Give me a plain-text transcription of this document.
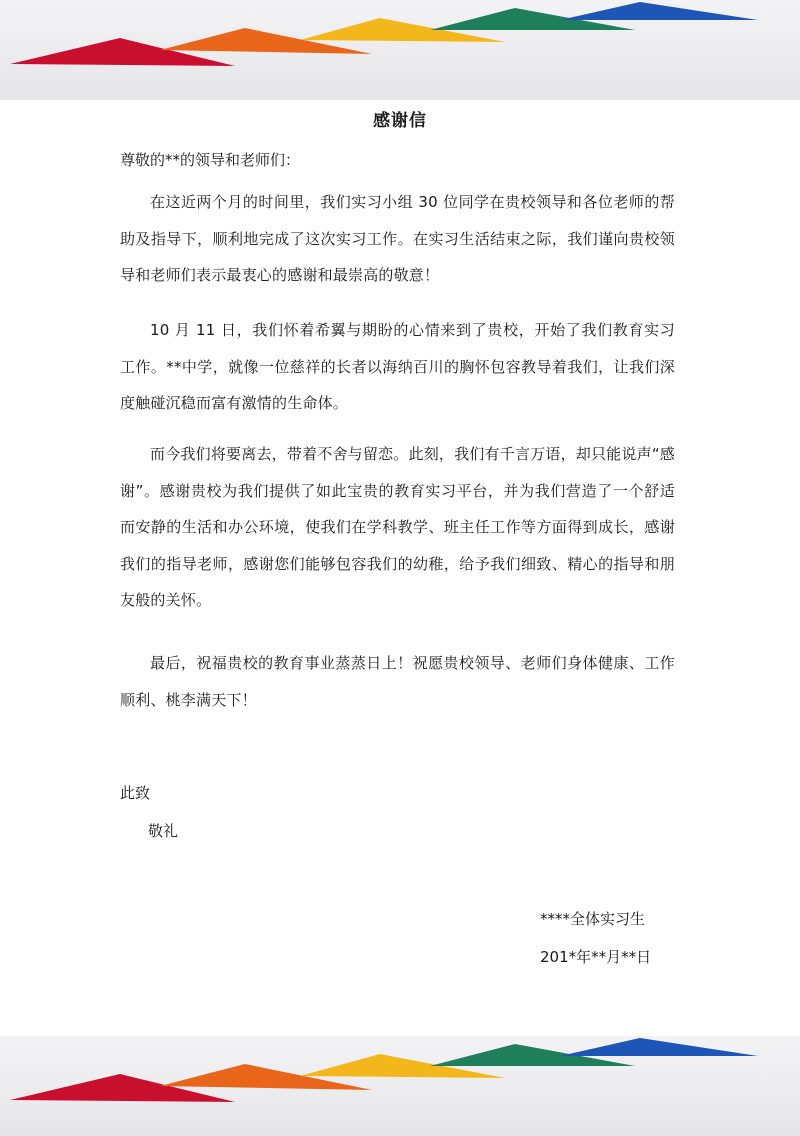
感谢信
尊敬的**的领导和老师们：

在这近两个月的时间里，我们实习小组 30 位同学在贵校领导和各位老师的帮助及指导下，顺利地完成了这次实习工作。在实习生活结束之际，我们谨向贵校领导和老师们表示最衷心的感谢和最崇高的敬意！

10 月 11 日，我们怀着希翼与期盼的心情来到了贵校，开始了我们教育实习工作。**中学，就像一位慈祥的长者以海纳百川的胸怀包容教导着我们，让我们深度触碰沉稳而富有激情的生命体。

而今我们将要离去，带着不舍与留恋。此刻，我们有千言万语，却只能说声“感谢”。感谢贵校为我们提供了如此宝贵的教育实习平台，并为我们营造了一个舒适而安静的生活和办公环境，使我们在学科教学、班主任工作等方面得到成长，感谢我们的指导老师，感谢您们能够包容我们的幼稚，给予我们细致、精心的指导和朋友般的关怀。

最后，祝福贵校的教育事业蒸蒸日上！祝愿贵校领导、老师们身体健康、工作顺利、桃李满天下！

此致
敬礼
****全体实习生
201*年**月**日
